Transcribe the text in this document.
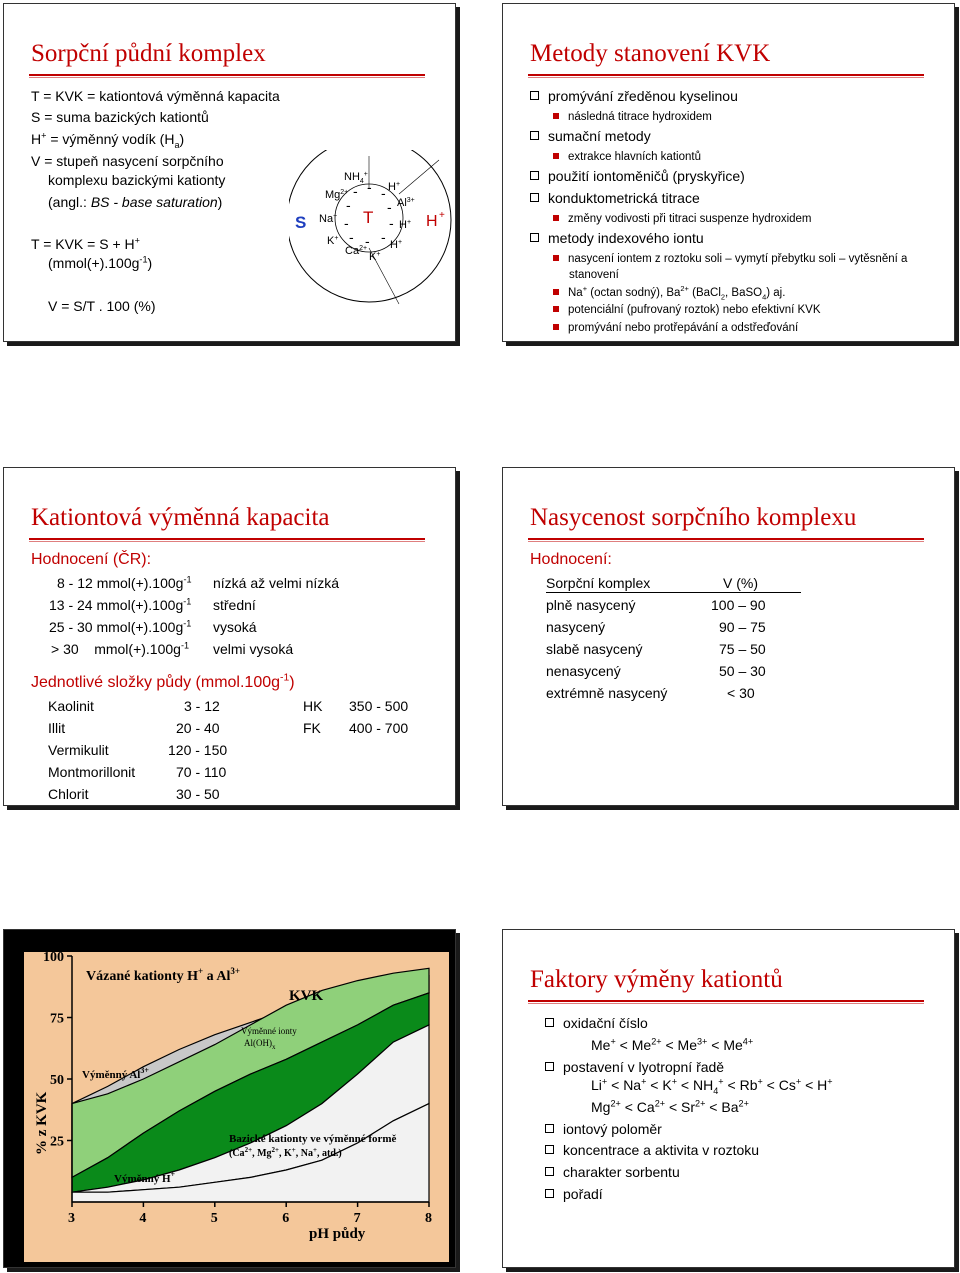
Sorpční půdní komplex
T = KVK = kationtová výměnná kapacita
S = suma bazických kationtů
H+ = výměnný vodík $(H_a)$
V = stupeň nasycení sorpčního
komplexu bazickými kationty
(angl.: BS - base saturation)
T = KVK = S + H+
$(mmol(+).100g^{-1})$
V = S/T . 100 (%)
S	T	H +
$NH_4^+$
$Mg^{2+}$
Na+
K+
$Ca^{2+}$
K+
H+
$Al^{3+}$
H+
H+
- - -
-	-
-	-
- - -
Metody stanovení KVK
promývání zředěnou kyselinou
následná titrace hydroxidem
sumační metody
extrakce hlavních kationtů
použití iontoměničů (pryskyřice)
konduktometrická titrace
změny vodivosti při titraci suspenze hydroxidem
metody indexového iontu
nasycení iontem z roztoku soli – vymytí přebytku soli – vytěsnění a
stanovení
Na+ (octan sodný), $Ba^{2+}$ (BaCl$_2$, BaSO$_4$) aj.
potenciální (pufrovaný roztok) nebo efektivní KVK
promývání nebo protřepávání a odstřeďování
Kationtová výměnná kapacita
Hodnocení (ČR):
8 - 12 $mmol(+).100g^{-1}$ nízká až velmi nízká
13 - 24 $mmol(+).100g^{-1}$ střední
25 - 30 $mmol(+).100g^{-1}$ vysoká
> 30    $mmol(+).100g^{-1}$ velmi vysoká
Jednotlivé složky půdy $(mmol.100g^{-1})$
Kaolinit	3 - 12
Illit	20 - 40
Vermikulit	120 - 150
Montmorillonit	70 - 110
Chlorit	30 - 50
HK 350 - 500
FK 400 - 700
Nasycenost sorpčního komplexu
Hodnocení:
Sorpční komplex	V (%)
plně nasycený	100 – 90
nasycený	90 – 75
slabě nasycený	75 – 50
nenasycený	50 – 30
extrémně nasycený	< 30
3	4	5	6	7	8
25
50
75
100
KVK
Vázané kationty H+ a $Al^{3+}$
Výměnný $Al^{3+}$
Výměnné ionty
$Al(OH)_x$
Bazické kationty ve výměnné formě
($Ca^{2+}$, $Mg^{2+}$, K+, Na+, atd.)
Výměnný H+
pH půdy
% z KVK
Faktory výměny kationtů
oxidační číslo
$Me^+ < Me^{2+} < Me^{3+} < Me^{4+}$
postavení v lyotropní řadě
$Li^+ < Na^+ < K^+ < NH_4^+ < Rb^+ < Cs^+ < H^+$
$Mg^{2+} < Ca^{2+} < Sr^{2+} < Ba^{2+}$
iontový poloměr
koncentrace a aktivita v roztoku
charakter sorbentu
pořadí
